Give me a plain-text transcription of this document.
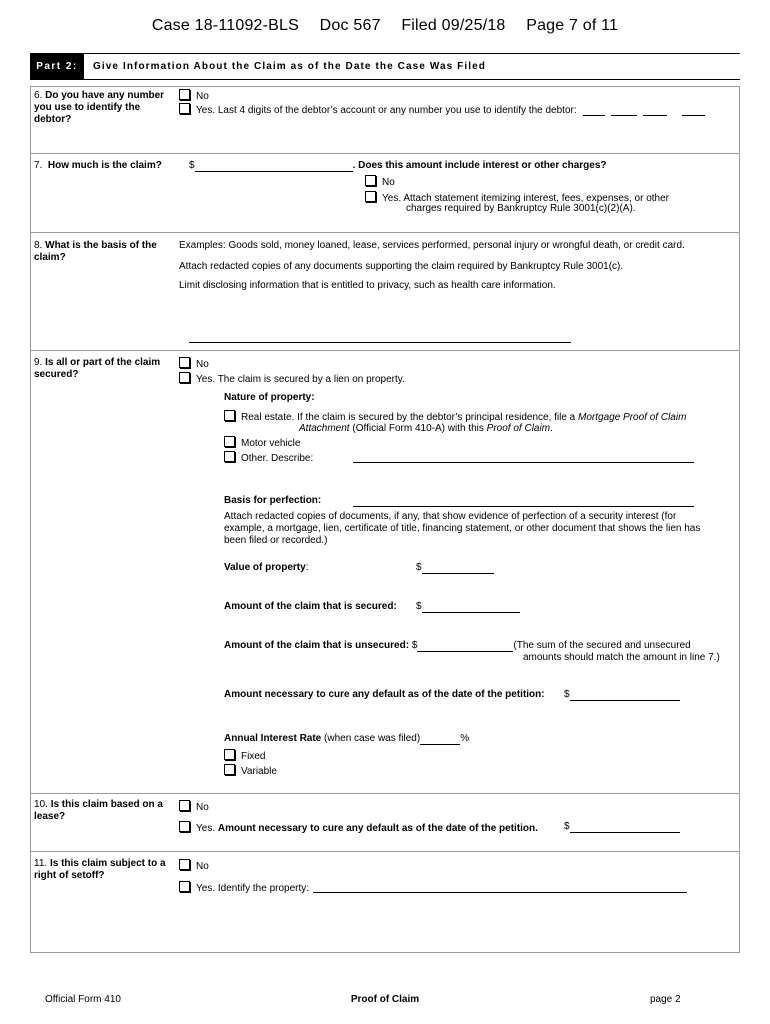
Case 18-11092-BLS Doc 567 Filed 09/25/18 Page 7 of 11
Part 2:	Give Information About the Claim as of the Date the Case Was Filed
6. Do you have any number you use to identify the debtor?
No
Yes. Last 4 digits of the debtor’s account or any number you use to identify the debtor:
7. How much is the claim?	$	. Does this amount include interest or other charges?
No
Yes. Attach statement itemizing interest, fees, expenses, or other
charges required by Bankruptcy Rule 3001(c)(2)(A).
8. What is the basis of the claim?
Examples: Goods sold, money loaned, lease, services performed, personal injury or wrongful death, or credit card.
Attach redacted copies of any documents supporting the claim required by Bankruptcy Rule 3001(c).
Limit disclosing information that is entitled to privacy, such as health care information.
9. Is all or part of the claim secured?
No
Yes. The claim is secured by a lien on property.
Nature of property:
Real estate. If the claim is secured by the debtor’s principal residence, file a Mortgage Proof of Claim
Attachment (Official Form 410-A) with this Proof of Claim.
Motor vehicle
Other. Describe:
Basis for perfection:
Attach redacted copies of documents, if any, that show evidence of perfection of a security interest (for
example, a mortgage, lien, certificate of title, financing statement, or other document that shows the lien has
been filed or recorded.)
Value of property:	$
Amount of the claim that is secured: $
Amount of the claim that is unsecured: $	(The sum of the secured and unsecured
amounts should match the amount in line 7.)
Amount necessary to cure any default as of the date of the petition: $
Annual Interest Rate (when case was filed)	%
Fixed
Variable
10. Is this claim based on a lease?
No
Yes. Amount necessary to cure any default as of the date of the petition.	$
11. Is this claim subject to a right of setoff?
No
Yes. Identify the property:
Official Form 410	Proof of Claim	page 2
